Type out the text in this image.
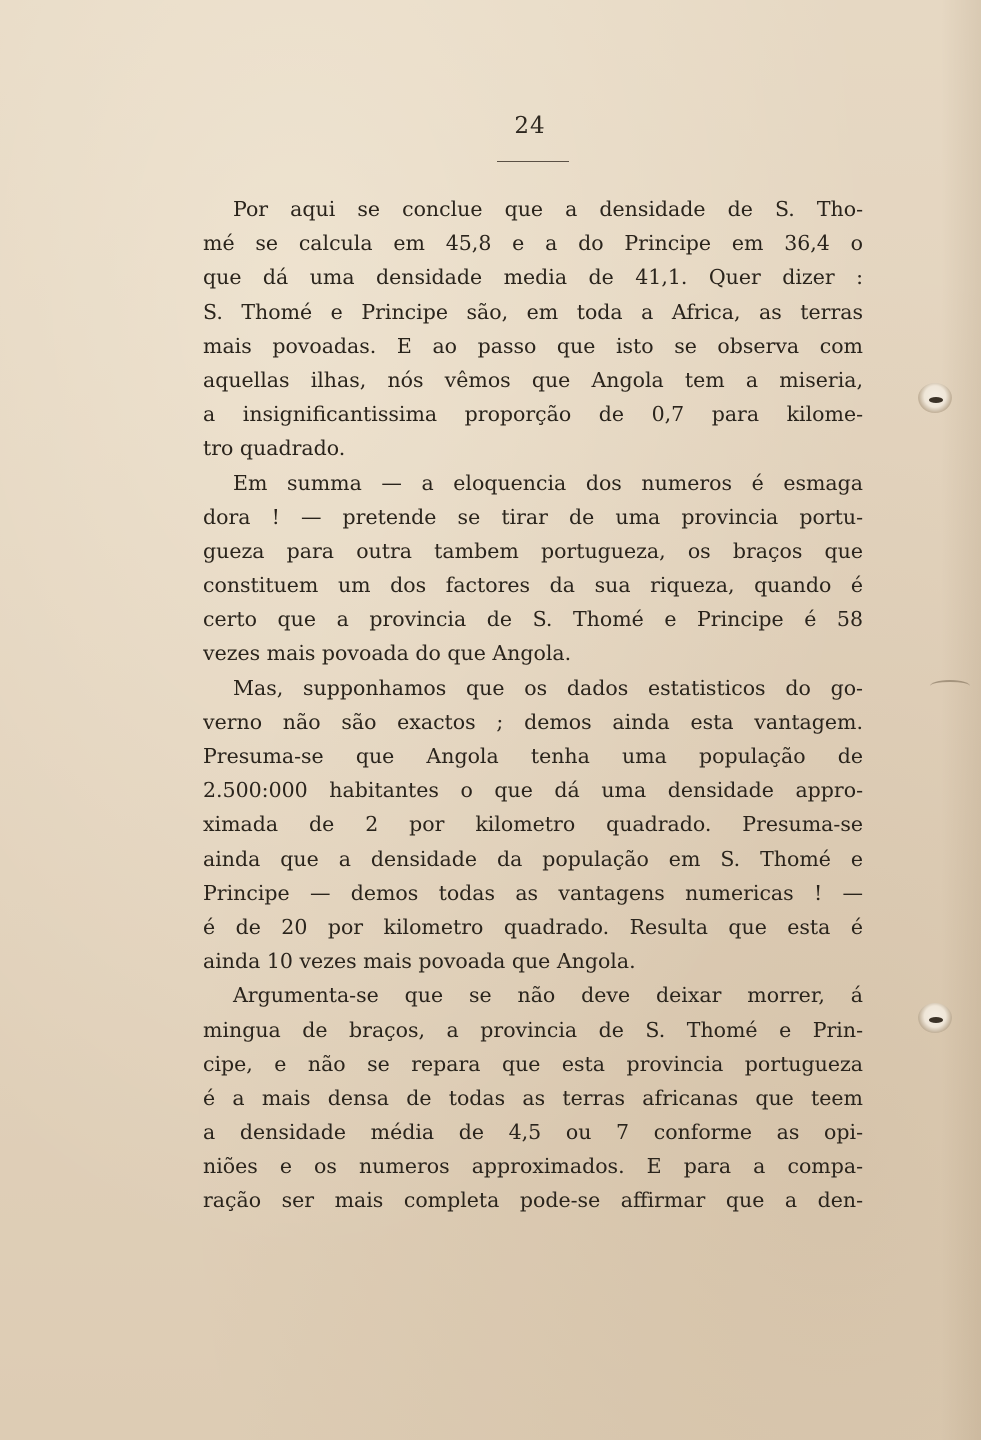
24
Por aqui se conclue que a densidade de S. Tho-
mé se calcula em 45,8 e a do Principe em 36,4 o
que dá uma densidade media de 41,1. Quer dizer :
S. Thomé e Principe são, em toda a Africa, as terras
mais povoadas. E ao passo que isto se observa com
aquellas ilhas, nós vêmos que Angola tem a miseria,
a insignificantissima proporção de 0,7 para kilome-
tro quadrado.
Em summa — a eloquencia dos numeros é esmaga
dora ! — pretende se tirar de uma provincia portu-
gueza para outra tambem portugueza, os braços que
constituem um dos factores da sua riqueza, quando é
certo que a provincia de S. Thomé e Principe é 58
vezes mais povoada do que Angola.
Mas, supponhamos que os dados estatisticos do go-
verno não são exactos ; demos ainda esta vantagem.
Presuma-se que Angola tenha uma população de
2.500:000 habitantes o que dá uma densidade appro-
ximada de 2 por kilometro quadrado. Presuma-se
ainda que a densidade da população em S. Thomé e
Principe — demos todas as vantagens numericas ! —
é de 20 por kilometro quadrado. Resulta que esta é
ainda 10 vezes mais povoada que Angola.
Argumenta-se que se não deve deixar morrer, á
mingua de braços, a provincia de S. Thomé e Prin-
cipe, e não se repara que esta provincia portugueza
é a mais densa de todas as terras africanas que teem
a densidade média de 4,5 ou 7 conforme as opi-
niões e os numeros approximados. E para a compa-
ração ser mais completa pode-se affirmar que a den-
